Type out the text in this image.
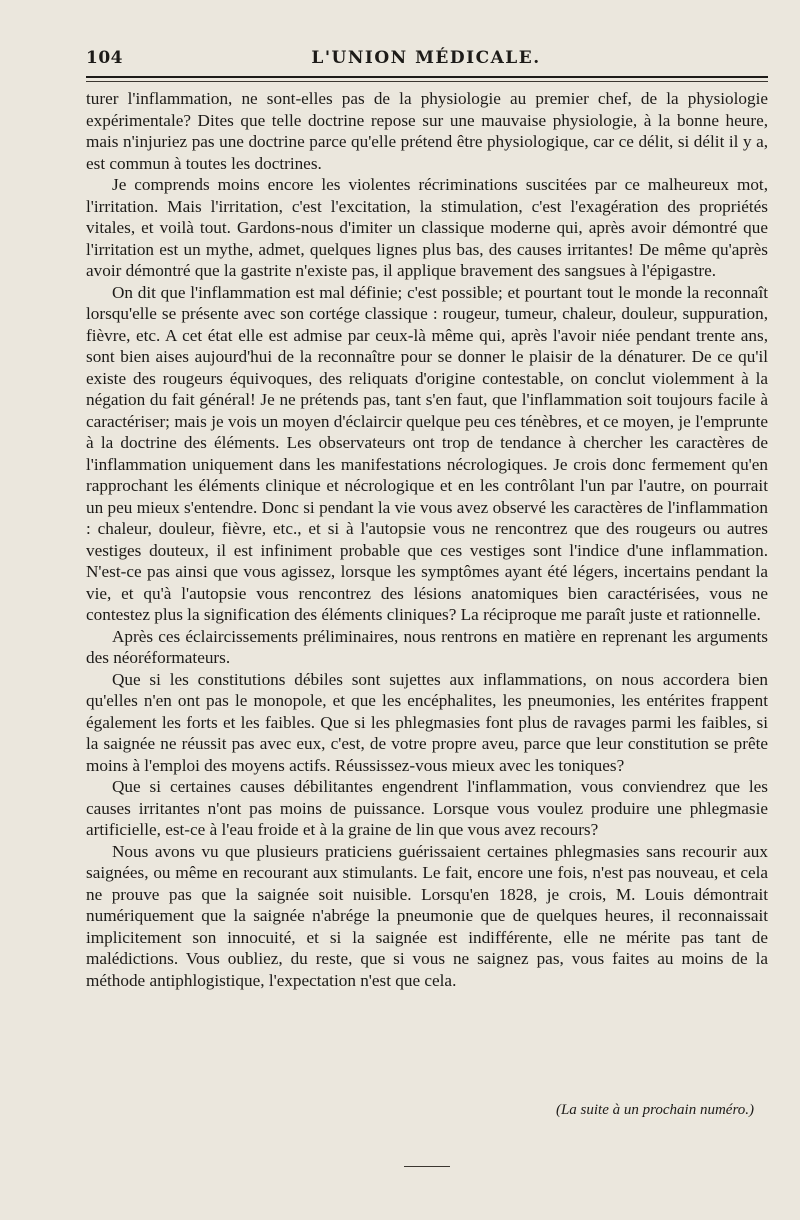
104	L'UNION MÉDICALE.

turer l'inflammation, ne sont-elles pas de la physiologie au premier chef, de la physiologie expérimentale? Dites que telle doctrine repose sur une mauvaise physiologie, à la bonne heure, mais n'injuriez pas une doctrine parce qu'elle prétend être physiologique, car ce délit, si délit il y a, est commun à toutes les doctrines.

Je comprends moins encore les violentes récriminations suscitées par ce malheureux mot, l'irritation. Mais l'irritation, c'est l'excitation, la stimulation, c'est l'exagération des propriétés vitales, et voilà tout. Gardons-nous d'imiter un classique moderne qui, après avoir démontré que l'irritation est un mythe, admet, quelques lignes plus bas, des causes irritantes! De même qu'après avoir démontré que la gastrite n'existe pas, il applique bravement des sangsues à l'épigastre.

On dit que l'inflammation est mal définie; c'est possible; et pourtant tout le monde la reconnaît lorsqu'elle se présente avec son cortége classique : rougeur, tumeur, chaleur, douleur, suppuration, fièvre, etc. A cet état elle est admise par ceux-là même qui, après l'avoir niée pendant trente ans, sont bien aises aujourd'hui de la reconnaître pour se donner le plaisir de la dénaturer. De ce qu'il existe des rougeurs équivoques, des reliquats d'origine contestable, on conclut violemment à la négation du fait général! Je ne prétends pas, tant s'en faut, que l'inflammation soit toujours facile à caractériser; mais je vois un moyen d'éclaircir quelque peu ces ténèbres, et ce moyen, je l'emprunte à la doctrine des éléments. Les observateurs ont trop de tendance à chercher les caractères de l'inflammation uniquement dans les manifestations nécrologiques. Je crois donc fermement qu'en rapprochant les éléments clinique et nécrologique et en les contrôlant l'un par l'autre, on pourrait un peu mieux s'entendre. Donc si pendant la vie vous avez observé les caractères de l'inflammation : chaleur, douleur, fièvre, etc., et si à l'autopsie vous ne rencontrez que des rougeurs ou autres vestiges douteux, il est infiniment probable que ces vestiges sont l'indice d'une inflammation. N'est-ce pas ainsi que vous agissez, lorsque les symptômes ayant été légers, incertains pendant la vie, et qu'à l'autopsie vous rencontrez des lésions anatomiques bien caractérisées, vous ne contestez plus la signification des éléments cliniques? La réciproque me paraît juste et rationnelle.

Après ces éclaircissements préliminaires, nous rentrons en matière en reprenant les arguments des néoréformateurs.

Que si les constitutions débiles sont sujettes aux inflammations, on nous accordera bien qu'elles n'en ont pas le monopole, et que les encéphalites, les pneumonies, les entérites frappent également les forts et les faibles. Que si les phlegmasies font plus de ravages parmi les faibles, si la saignée ne réussit pas avec eux, c'est, de votre propre aveu, parce que leur constitution se prête moins à l'emploi des moyens actifs. Réussissez-vous mieux avec les toniques?

Que si certaines causes débilitantes engendrent l'inflammation, vous conviendrez que les causes irritantes n'ont pas moins de puissance. Lorsque vous voulez produire une phlegmasie artificielle, est-ce à l'eau froide et à la graine de lin que vous avez recours?

Nous avons vu que plusieurs praticiens guérissaient certaines phlegmasies sans recourir aux saignées, ou même en recourant aux stimulants. Le fait, encore une fois, n'est pas nouveau, et cela ne prouve pas que la saignée soit nuisible. Lorsqu'en 1828, je crois, M. Louis démontrait numériquement que la saignée n'abrége la pneumonie que de quelques heures, il reconnaissait implicitement son innocuité, et si la saignée est indifférente, elle ne mérite pas tant de malédictions. Vous oubliez, du reste, que si vous ne saignez pas, vous faites au moins de la méthode antiphlogistique, l'expectation n'est que cela.

(La suite à un prochain numéro.)
